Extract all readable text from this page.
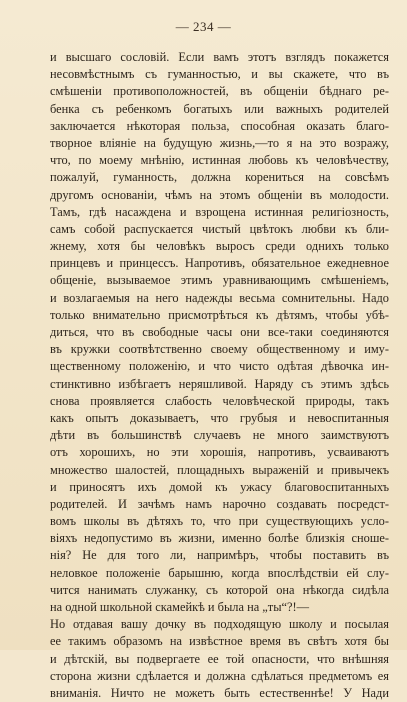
— 234 —
и высшаго сословій. Если вамъ этотъ взглядъ покажется
несовмѣстнымъ съ гуманностью, и вы скажете, что въ
смѣшеніи противоположностей, въ общеніи бѣднаго ре-
бенка съ ребенкомъ богатыхъ или важныхъ родителей
заключается нѣкоторая польза, способная оказать благо-
творное вліяніе на будущую жизнь,—то я на это возражу,
что, по моему мнѣнію, истинная любовь къ человѣчеству,
пожалуй, гуманность, должна корениться на совсѣмъ
другомъ основаніи, чѣмъ на этомъ общеніи въ молодости.
Тамъ, гдѣ насаждена и взрощена истинная религіозность,
самъ собой распускается чистый цвѣтокъ любви къ бли-
жнему, хотя бы человѣкъ выросъ среди однихъ только
принцевъ и принцессъ. Напротивъ, обязательное ежедневное
общеніе, вызываемое этимъ уравнивающимъ смѣшеніемъ,
и возлагаемыя на него надежды весьма сомнительны. Надо
только внимательно присмотрѣться къ дѣтямъ, чтобы убѣ-
диться, что въ свободные часы они все-таки соединяются
въ кружки соотвѣтственно своему общественному и иму-
щественному положенію, и что чисто одѣтая дѣвочка ин-
стинктивно избѣгаетъ неряшливой. Наряду съ этимъ здѣсь
снова проявляется слабость человѣческой природы, такъ
какъ опытъ доказываетъ, что грубыя и невоспитанныя
дѣти въ большинствѣ случаевъ не много заимствуютъ
отъ хорошихъ, но эти хорошія, напротивъ, усваиваютъ
множество шалостей, площадныхъ выраженій и привычекъ
и приносятъ ихъ домой къ ужасу благовоспитанныхъ
родителей. И зачѣмъ намъ нарочно создавать посредст-
вомъ школы въ дѣтяхъ то, что при существующихъ усло-
віяхъ недопустимо въ жизни, именно болѣе близкія сноше-
нія? Не для того ли, напримѣръ, чтобы поставить въ
неловкое положеніе барышню, когда впослѣдствіи ей слу-
чится нанимать служанку, съ которой она нѣкогда сидѣла
на одной школьной скамейкѣ и была на „ты“?!—
Но отдавая вашу дочку въ подходящую школу и посылая
ее такимъ образомъ на извѣстное время въ свѣтъ хотя бы
и дѣтскій, вы подвергаете ее той опасности, что внѣшняя
сторона жизни сдѣлается и должна сдѣлаться предметомъ ея
вниманія. Ничто не можетъ быть естественнѣе! У Нади
